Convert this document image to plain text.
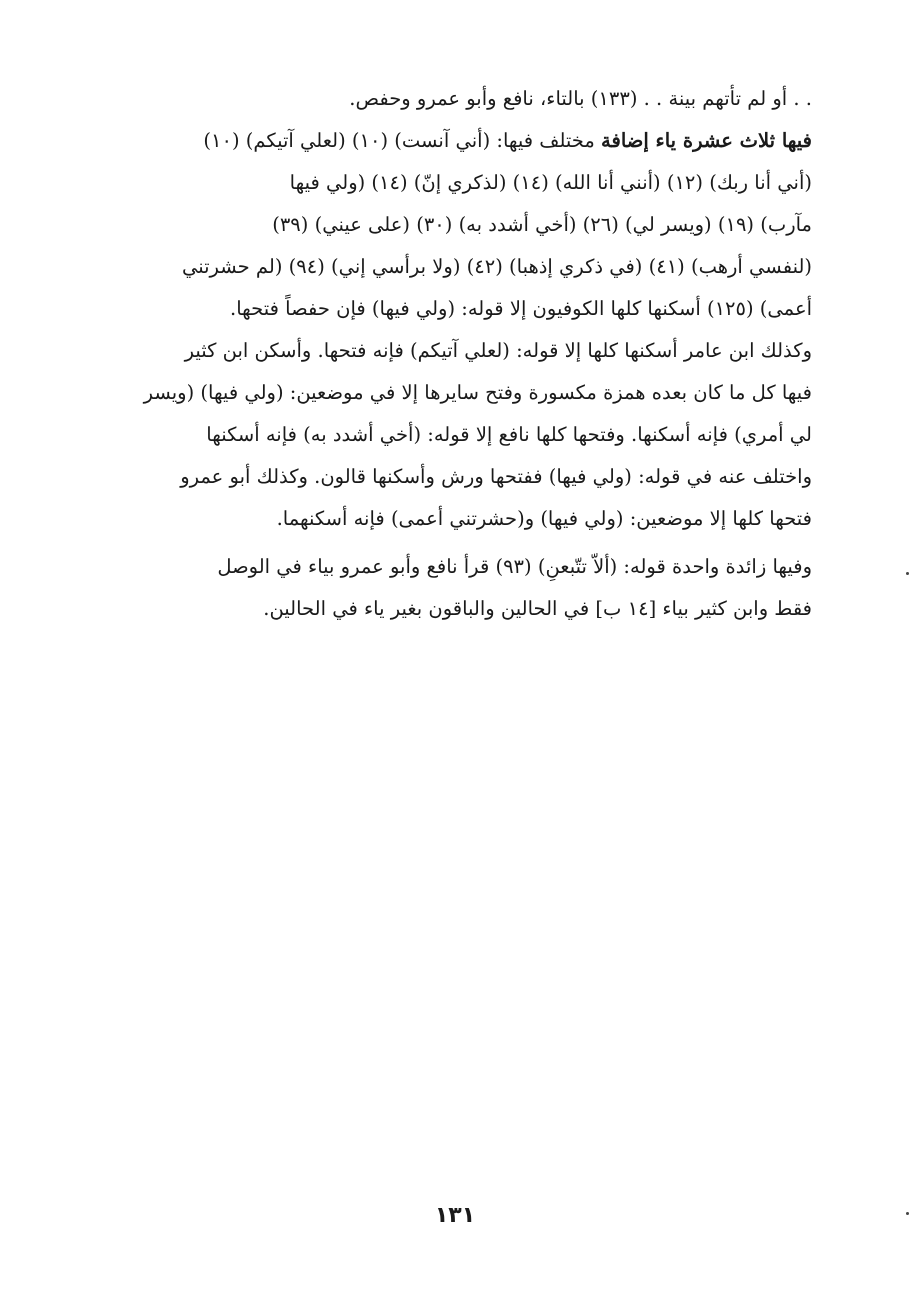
. . أو لم تأتهم بينة . . (١٣٣) بالتاء، نافع وأبو عمرو وحفص.
فيها ثلاث عشرة ياء إضافة مختلف فيها: (أني آنست) (١٠) (لعلي آتيكم) (١٠)
(أني أنا ربك) (١٢) (أنني أنا الله) (١٤) (لذكري إنّ) (١٤) (ولي فيها
مآرب) (١٩) (ويسر لي) (٢٦) (أخي أشدد به) (٣٠) (على عيني) (٣٩)
(لنفسي أرهب) (٤١) (في ذكري إذهبا) (٤٢) (ولا برأسي إني) (٩٤) (لم حشرتني
أعمى) (١٢٥) أسكنها كلها الكوفيون إلا قوله: (ولي فيها) فإن حفصاً فتحها.
وكذلك ابن عامر أسكنها كلها إلا قوله: (لعلي آتيكم) فإنه فتحها. وأسكن ابن كثير
فيها كل ما كان بعده همزة مكسورة وفتح سايرها إلا في موضعين: (ولي فيها) (ويسر
لي أمري) فإنه أسكنها. وفتحها كلها نافع إلا قوله: (أخي أشدد به) فإنه أسكنها
واختلف عنه في قوله: (ولي فيها) ففتحها ورش وأسكنها قالون. وكذلك أبو عمرو
فتحها كلها إلا موضعين: (ولي فيها) و(حشرتني أعمى) فإنه أسكنهما.
وفيها زائدة واحدة قوله: (ألاّ تتّبعنِ) (٩٣) قرأ نافع وأبو عمرو بياء في الوصل
فقط وابن كثير بياء [١٤ ب] في الحالين والباقون بغير ياء في الحالين.
١٣١
